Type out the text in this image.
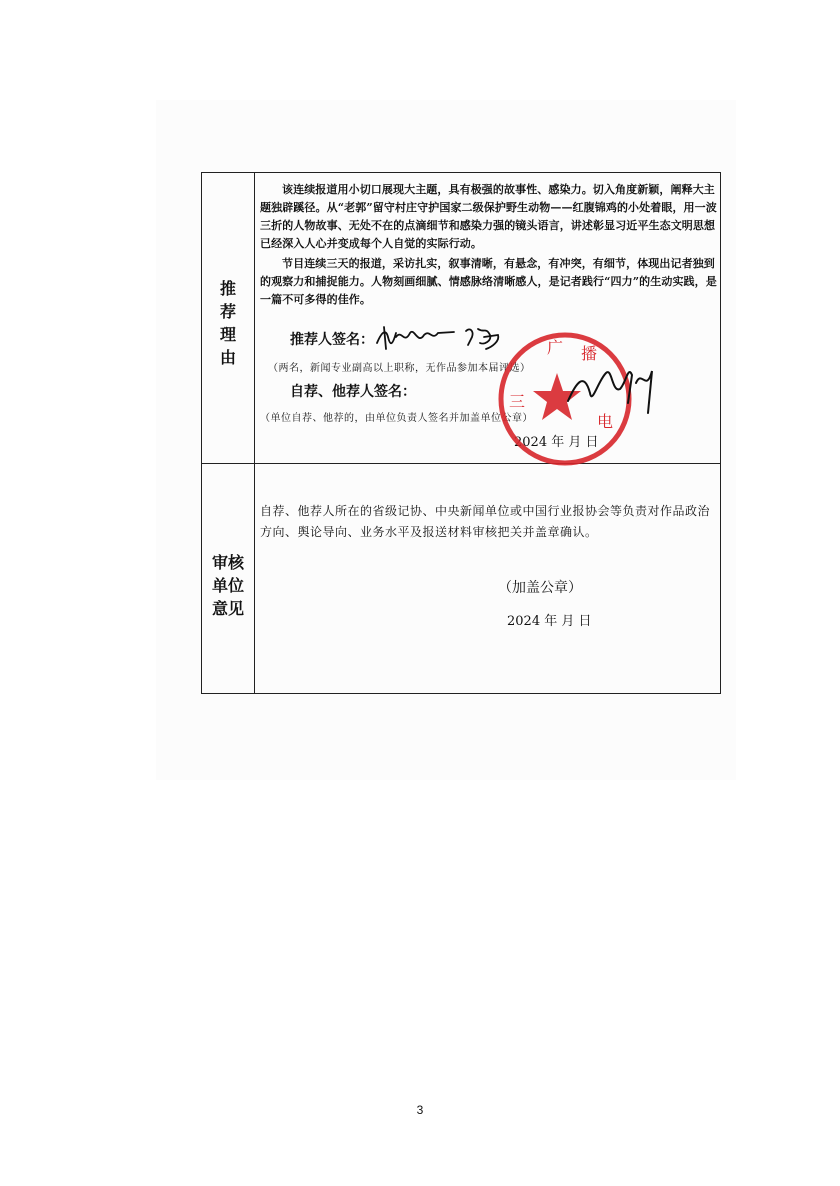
推
荐
理
由

该连续报道用小切口展现大主题，具有极强的故事性、感染力。切入角度新颖，阐释大主题独辟蹊径。从“老郭”留守村庄守护国家二级保护野生动物——红腹锦鸡的小处着眼，用一波三折的人物故事、无处不在的点滴细节和感染力强的镜头语言，讲述彰显习近平生态文明思想已经深入人心并变成每个人自觉的实际行动。

节目连续三天的报道，采访扎实，叙事清晰，有悬念，有冲突，有细节，体现出记者独到的观察力和捕捉能力。人物刻画细腻、情感脉络清晰感人，是记者践行“四力”的生动实践，是一篇不可多得的佳作。

推荐人签名：
（两名，新闻专业副高以上职称，无作品参加本届评选）
自荐、他荐人签名：
（单位自荐、他荐的，由单位负责人签名并加盖单位公章）
2024 年 月 日
广 播
电
三
审核
单位
意见
自荐、他荐人所在的省级记协、中央新闻单位或中国行业报协会等负责对作品政治方向、舆论导向、业务水平及报送材料审核把关并盖章确认。
（加盖公章）
2024 年 月 日
3
